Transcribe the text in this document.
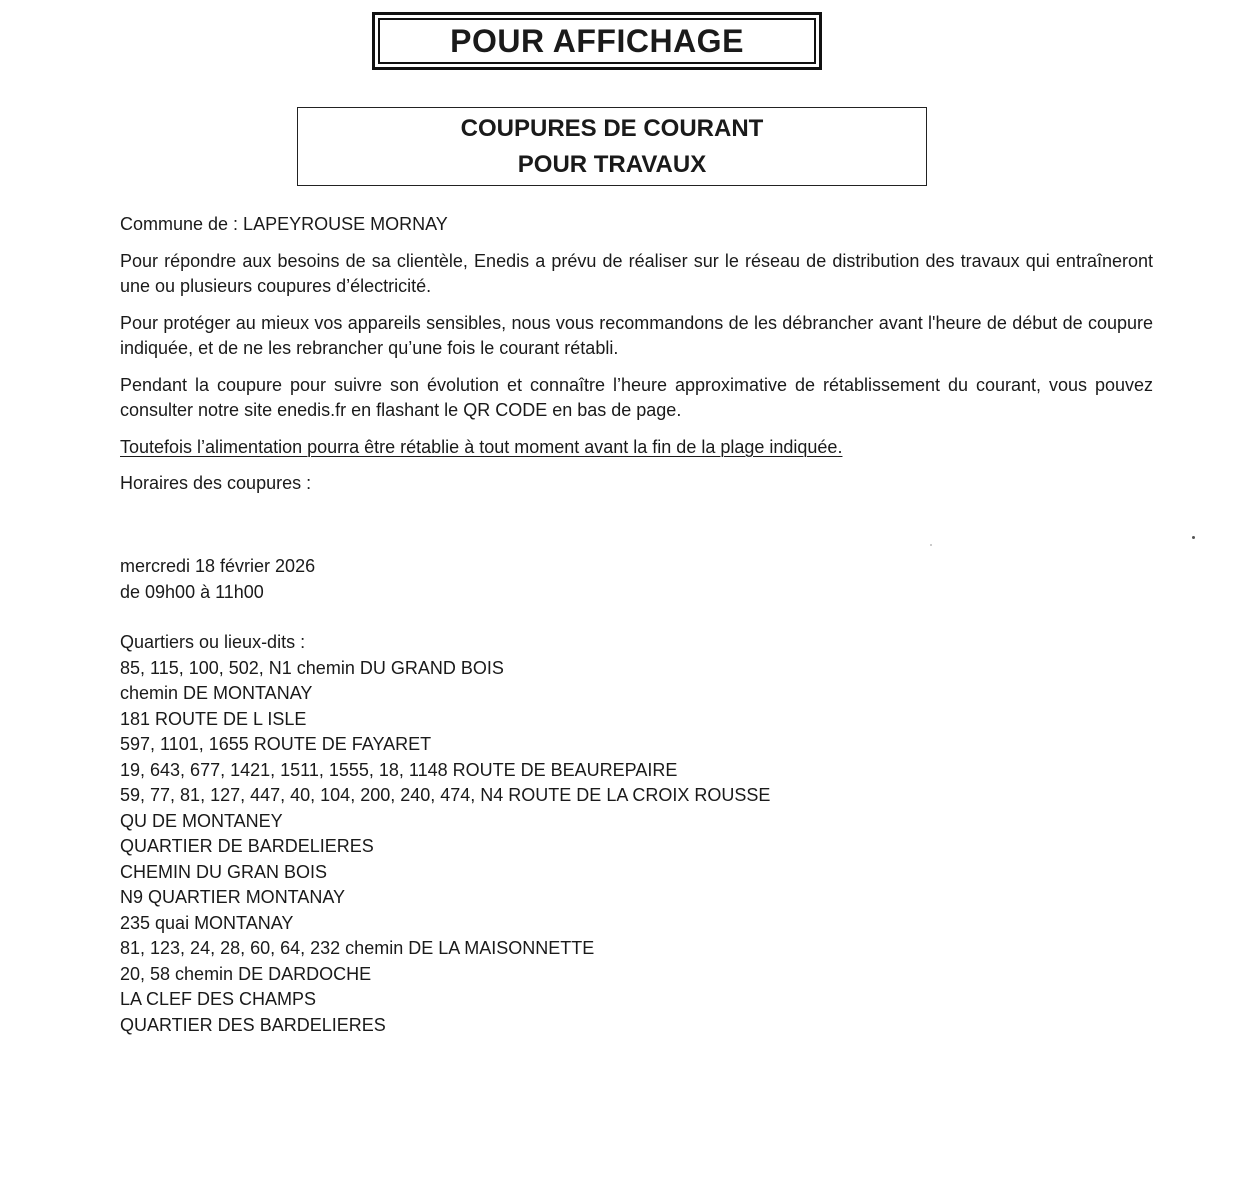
POUR AFFICHAGE
COUPURES DE COURANT
POUR TRAVAUX

Commune de : LAPEYROUSE MORNAY

Pour répondre aux besoins de sa clientèle, Enedis a prévu de réaliser sur le réseau de distribution des travaux qui entraîneront une ou plusieurs coupures d’électricité.

Pour protéger au mieux vos appareils sensibles, nous vous recommandons de les débrancher avant l'heure de début de coupure indiquée, et de ne les rebrancher qu’une fois le courant rétabli.

Pendant la coupure pour suivre son évolution et connaître l’heure approximative de rétablissement du courant, vous pouvez consulter notre site enedis.fr en flashant le QR CODE en bas de page.

Toutefois l’alimentation pourra être rétablie à tout moment avant la fin de la plage indiquée.

Horaires des coupures :

mercredi 18 février 2026
de 09h00 à 11h00
Quartiers ou lieux-dits :
85, 115, 100, 502, N1 chemin DU GRAND BOIS
chemin DE MONTANAY
181 ROUTE DE L ISLE
597, 1101, 1655 ROUTE DE FAYARET
19, 643, 677, 1421, 1511, 1555, 18, 1148 ROUTE DE BEAUREPAIRE
59, 77, 81, 127, 447, 40, 104, 200, 240, 474, N4 ROUTE DE LA CROIX ROUSSE
QU DE MONTANEY
QUARTIER DE BARDELIERES
CHEMIN DU GRAN BOIS
N9 QUARTIER MONTANAY
235 quai MONTANAY
81, 123, 24, 28, 60, 64, 232 chemin DE LA MAISONNETTE
20, 58 chemin DE DARDOCHE
LA CLEF DES CHAMPS
QUARTIER DES BARDELIERES
